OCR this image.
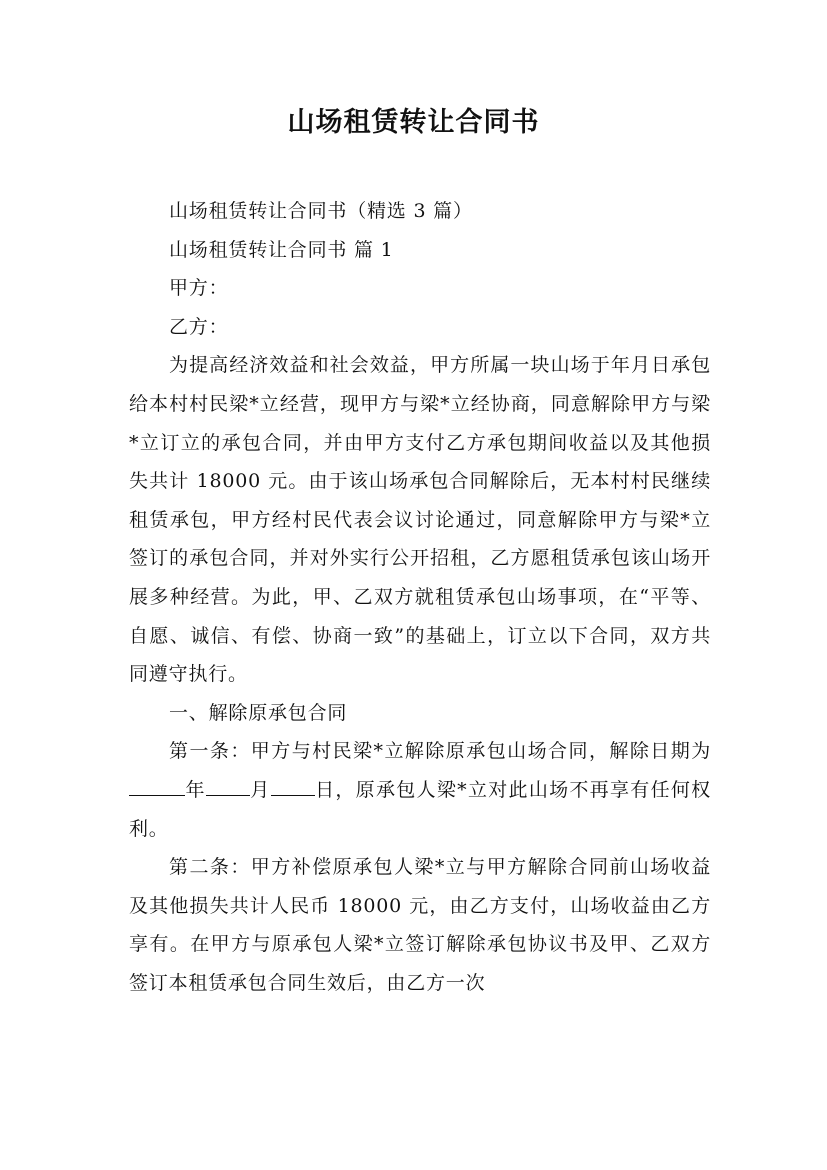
山场租赁转让合同书

山场租赁转让合同书（精选 3 篇）

山场租赁转让合同书 篇 1

甲方：

乙方：

为提高经济效益和社会效益，甲方所属一块山场于年月日承包给本村村民梁*立经营，现甲方与梁*立经协商，同意解除甲方与梁*立订立的承包合同，并由甲方支付乙方承包期间收益以及其他损失共计 18000 元。由于该山场承包合同解除后，无本村村民继续租赁承包，甲方经村民代表会议讨论通过，同意解除甲方与梁*立签订的承包合同，并对外实行公开招租，乙方愿租赁承包该山场开展多种经营。为此，甲、乙双方就租赁承包山场事项，在“平等、自愿、诚信、有偿、协商一致”的基础上，订立以下合同，双方共同遵守执行。

一、解除原承包合同

第一条：甲方与村民梁*立解除原承包山场合同，解除日期为年 月 日，原承包人梁*立对此山场不再享有任何权利。

第二条：甲方补偿原承包人梁*立与甲方解除合同前山场收益及其他损失共计人民币 18000 元，由乙方支付，山场收益由乙方享有。在甲方与原承包人梁*立签订解除承包协议书及甲、乙双方签订本租赁承包合同生效后，由乙方一次
